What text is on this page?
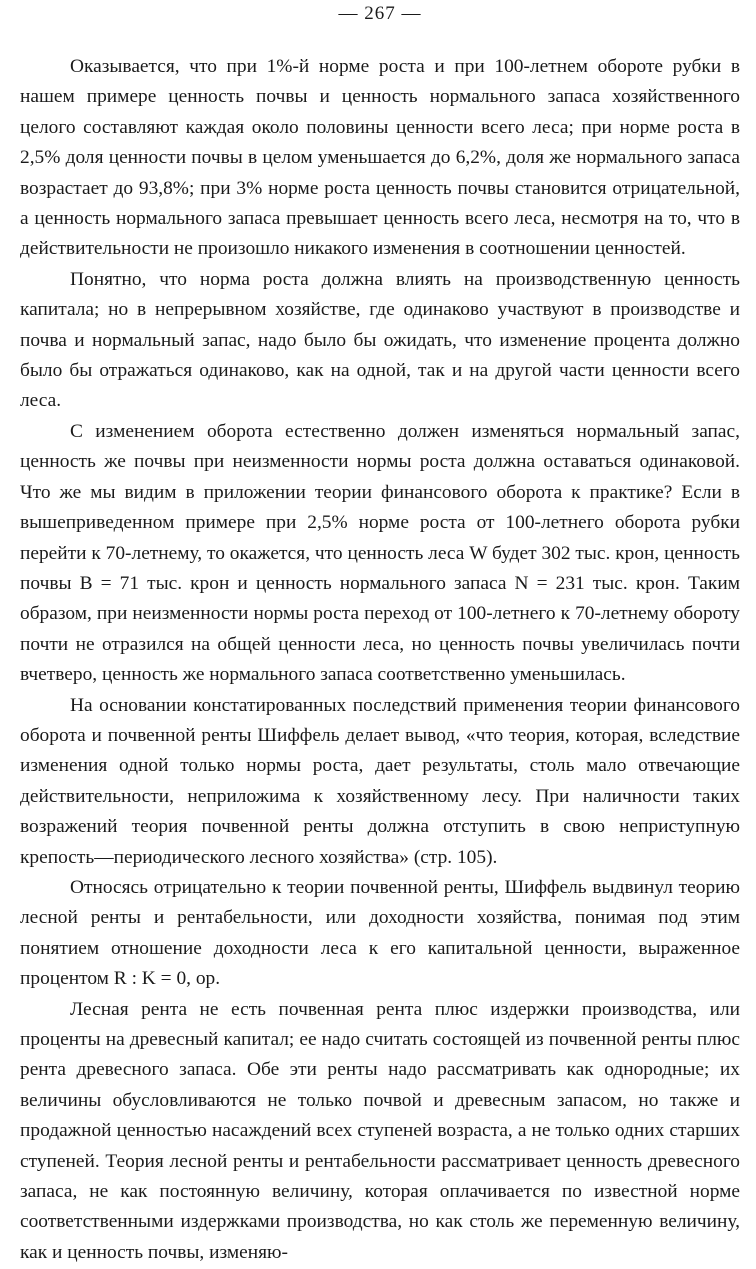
— 267 —

Оказывается, что при 1%-й норме роста и при 100-летнем обороте рубки в нашем примере ценность почвы и ценность нормального запаса хозяйственного целого составляют каждая около половины ценности всего леса; при норме роста в 2,5% доля ценности почвы в целом уменьшается до 6,2%, доля же нормального запаса возрастает до 93,8%; при 3% норме роста ценность почвы становится отрицательной, а ценность нормального запаса превышает ценность всего леса, несмотря на то, что в действительности не произошло никакого изменения в соотношении ценностей.

Понятно, что норма роста должна влиять на производственную ценность капитала; но в непрерывном хозяйстве, где одинаково участвуют в производстве и почва и нормальный запас, надо было бы ожидать, что изменение процента должно было бы отражаться одинаково, как на одной, так и на другой части ценности всего леса.

С изменением оборота естественно должен изменяться нормальный запас, ценность же почвы при неизменности нормы роста должна оставаться одинаковой. Что же мы видим в приложении теории финансового оборота к практике? Если в вышеприведенном примере при 2,5% норме роста от 100-летнего оборота рубки перейти к 70-летнему, то окажется, что ценность леса W будет 302 тыс. крон, ценность почвы B = 71 тыс. крон и ценность нормального запаса N = 231 тыс. крон. Таким образом, при неизменности нормы роста переход от 100-летнего к 70-летнему обороту почти не отразился на общей ценности леса, но ценность почвы увеличилась почти вчетверо, ценность же нормального запаса соответственно уменьшилась.

На основании констатированных последствий применения теории финансового оборота и почвенной ренты Шиффель делает вывод, «что теория, которая, вследствие изменения одной только нормы роста, дает результаты, столь мало отвечающие действительности, неприложима к хозяйственному лесу. При наличности таких возражений теория почвенной ренты должна отступить в свою неприступную крепость—периодического лесного хозяйства» (стр. 105).

Относясь отрицательно к теории почвенной ренты, Шиффель выдвинул теорию лесной ренты и рентабельности, или доходности хозяйства, понимая под этим понятием отношение доходности леса к его капитальной ценности, выраженное процентом R : K = 0, ор.

Лесная рента не есть почвенная рента плюс издержки производства, или проценты на древесный капитал; ее надо считать состоящей из почвенной ренты плюс рента древесного запаса. Обе эти ренты надо рассматривать как однородные; их величины обусловливаются не только почвой и древесным запасом, но также и продажной ценностью насаждений всех ступеней возраста, а не только одних старших ступеней. Теория лесной ренты и рентабельности рассматривает ценность древесного запаса, не как постоянную величину, которая оплачивается по известной норме соответственными издержками производства, но как столь же переменную величину, как и ценность почвы, изменяю-
